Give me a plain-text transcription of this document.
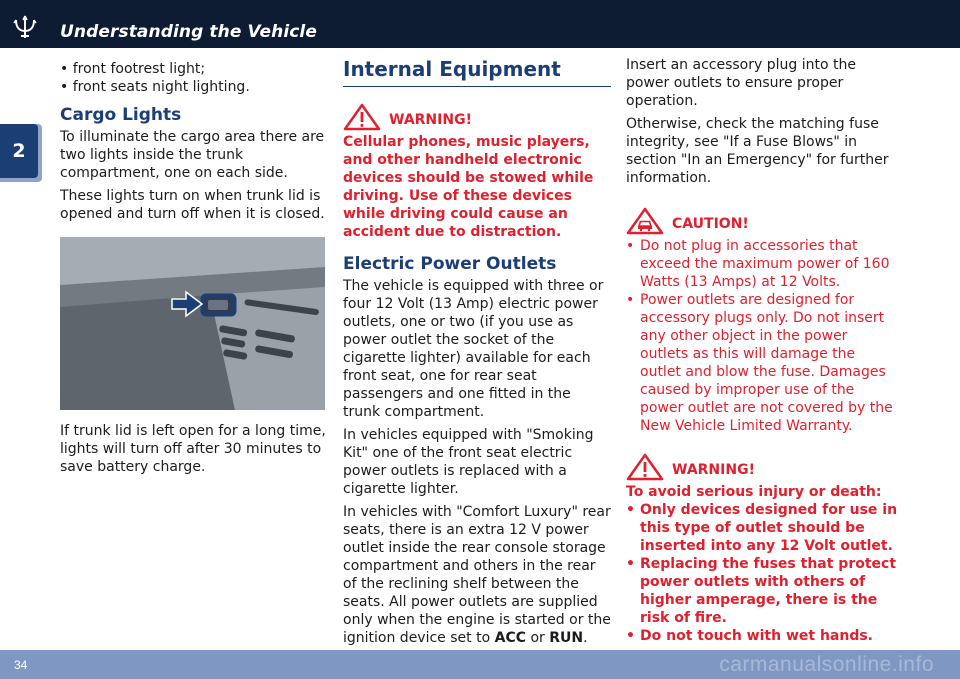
Understanding the Vehicle
2

• front footrest light;

• front seats night lighting.

Cargo Lights

To illuminate the cargo area there are two lights inside the trunk compartment, one on each side.

These lights turn on when trunk lid is opened and turn off when it is closed.

If trunk lid is left open for a long time, lights will turn off after 30 minutes to save battery charge.

Internal Equipment
WARNING!

Cellular phones, music players, and other handheld electronic devices should be stowed while driving. Use of these devices while driving could cause an accident due to distraction.

Electric Power Outlets

The vehicle is equipped with three or four 12 Volt (13 Amp) electric power outlets, one or two (if you use as power outlet the socket of the cigarette lighter) available for each front seat, one for rear seat passengers and one fitted in the trunk compartment.

In vehicles equipped with "Smoking Kit" one of the front seat electric power outlets is replaced with a cigarette lighter.

In vehicles with "Comfort Luxury" rear seats, there is an extra 12 V power outlet inside the rear console storage compartment and others in the rear of the reclining shelf between the seats. All power outlets are supplied only when the engine is started or the ignition device set to ACC or RUN.

Insert an accessory plug into the power outlets to ensure proper operation.

Otherwise, check the matching fuse integrity, see "If a Fuse Blows" in section "In an Emergency" for further information.

CAUTION!
• Do not plug in accessories that exceed the maximum power of 160 Watts (13 Amps) at 12 Volts.
• Power outlets are designed for accessory plugs only. Do not insert any other object in the power outlets as this will damage the outlet and blow the fuse. Damages caused by improper use of the power outlet are not covered by the New Vehicle Limited Warranty.
WARNING!

To avoid serious injury or death:

• Only devices designed for use in this type of outlet should be inserted into any 12 Volt outlet.
• Replacing the fuses that protect power outlets with others of higher amperage, there is the risk of fire.
• Do not touch with wet hands.
34	carmanualsonline.info
